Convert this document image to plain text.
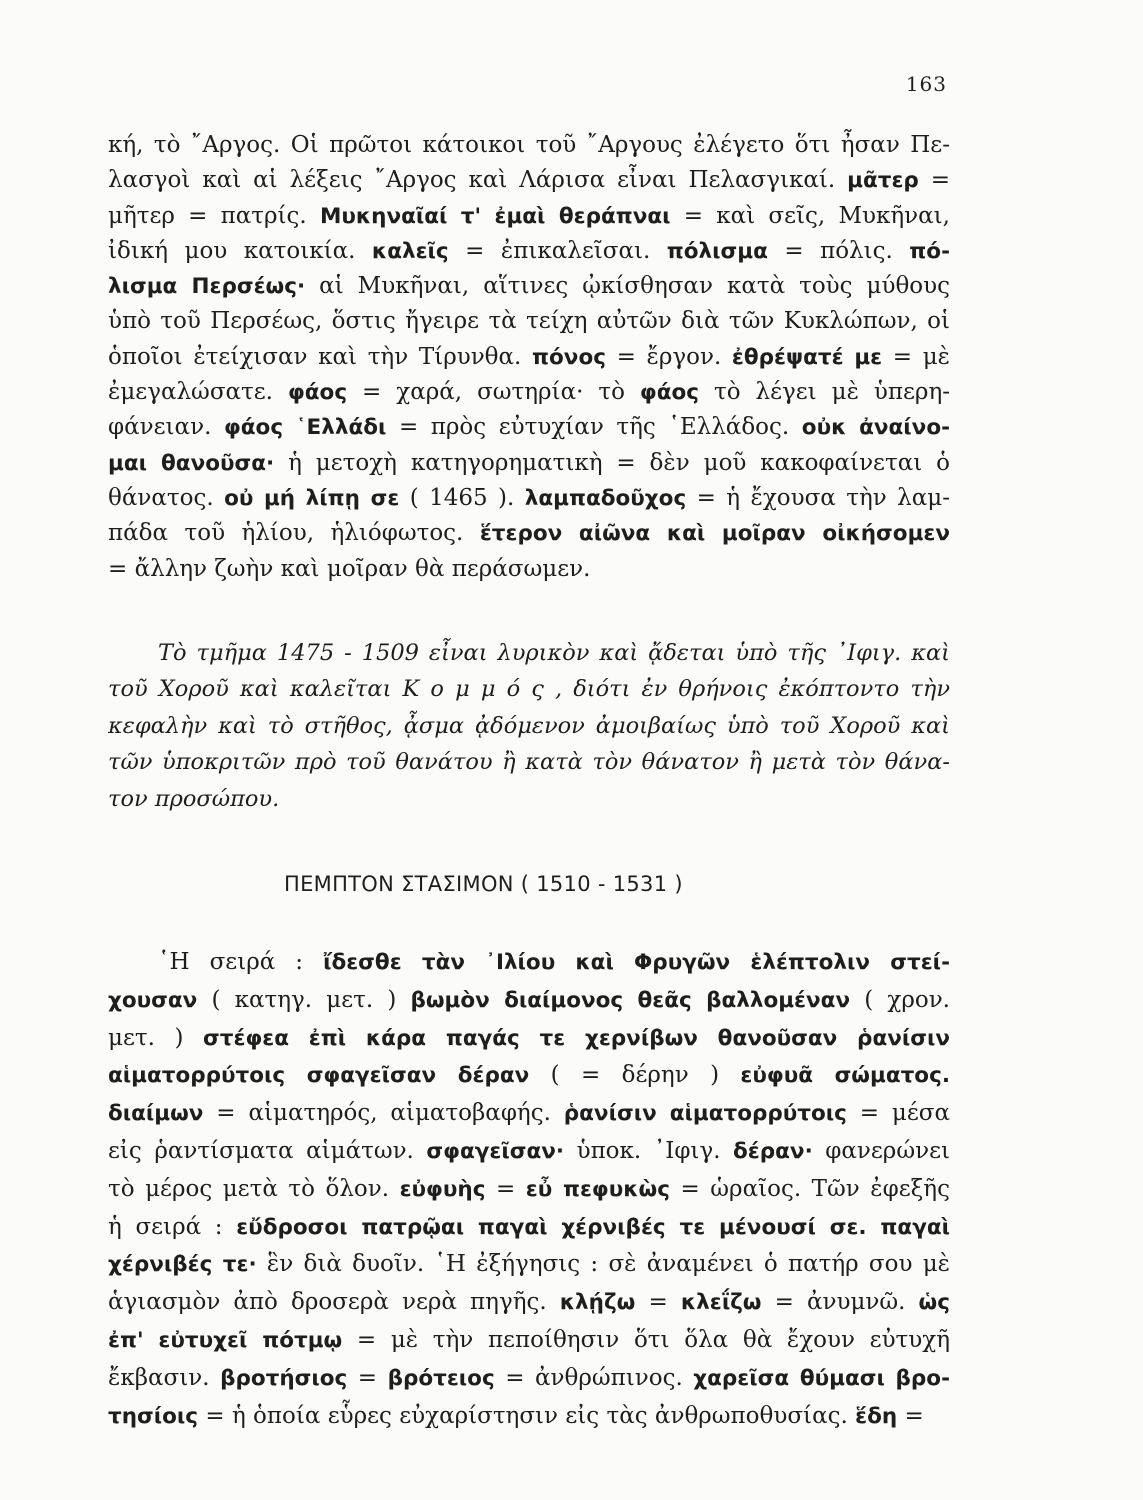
163

κή, τὸ ῎Αργος. Οἱ πρῶτοι κάτοικοι τοῦ ῎Αργους ἐλέγετο ὅτι ἦσαν Πε-
λασγοὶ καὶ αἱ λέξεις ῎Αργος καὶ Λάρισα εἶναι Πελασγικαί. μᾶτερ =
μῆτερ = πατρίς. Μυκηναῖαί τ' ἐμαὶ θεράπναι = καὶ σεῖς, Μυκῆναι,
ἰδική μου κατοικία. καλεῖς = ἐπικαλεῖσαι. πόλισμα = πόλις. πό-
λισμα Περσέως· αἱ Μυκῆναι, αἵτινες ᾠκίσθησαν κατὰ τοὺς μύθους
ὑπὸ τοῦ Περσέως, ὅστις ἤγειρε τὰ τείχη αὐτῶν διὰ τῶν Κυκλώπων, οἱ
ὁποῖοι ἐτείχισαν καὶ τὴν Τίρυνθα. πόνος = ἔργον. ἐθρέψατέ με = μὲ
ἐμεγαλώσατε. φάος = χαρά, σωτηρία· τὸ φάος τὸ λέγει μὲ ὑπερη-
φάνειαν. φάος ῾Ελλάδι = πρὸς εὐτυχίαν τῆς ῾Ελλάδος. οὐκ ἀναίνο-
μαι θανοῦσα· ἡ μετοχὴ κατηγορηματικὴ = δὲν μοῦ κακοφαίνεται ὁ
θάνατος. οὐ μή λίπῃ σε ( 1465 ). λαμπαδοῦχος = ἡ ἔχουσα τὴν λαμ-
πάδα τοῦ ἡλίου, ἡλιόφωτος. ἕτερον αἰῶνα καὶ μοῖραν οἰκήσομεν
= ἄλλην ζωὴν καὶ μοῖραν θὰ περάσωμεν.

Τὸ τμῆμα 1475 - 1509 εἶναι λυρικὸν καὶ ᾄδεται ὑπὸ τῆς ᾿Ιφιγ. καὶ
τοῦ Χοροῦ καὶ καλεῖται Κ ο μ μ ό ς , διότι ἐν θρήνοις ἐκόπτοντο τὴν
κεφαλὴν καὶ τὸ στῆθος, ᾆσμα ᾀδόμενον ἀμοιβαίως ὑπὸ τοῦ Χοροῦ καὶ
τῶν ὑποκριτῶν πρὸ τοῦ θανάτου ἢ κατὰ τὸν θάνατον ἢ μετὰ τὸν θάνα-
τον προσώπου.

ΠΕΜΠΤΟΝ ΣΤΑΣΙΜΟΝ ( 1510 - 1531 )

῾Η σειρά : ἴδεσθε τὰν ᾿Ιλίου καὶ Φρυγῶν ἑλέπτολιν στεί-
χουσαν ( κατηγ. μετ. ) βωμὸν διαίμονος θεᾶς βαλλομέναν ( χρον.
μετ. ) στέφεα ἐπὶ κάρα παγάς τε χερνίβων θανοῦσαν ῥανίσιν
αἱματορρύτοις σφαγεῖσαν δέραν ( = δέρην ) εὐφυᾶ σώματος.
διαίμων = αἱματηρός, αἱματοβαφής. ῥανίσιν αἱματορρύτοις = μέσα
εἰς ῥαντίσματα αἱμάτων. σφαγεῖσαν· ὑποκ. ᾿Ιφιγ. δέραν· φανερώνει
τὸ μέρος μετὰ τὸ ὅλον. εὐφυὴς = εὖ πεφυκὼς = ὡραῖος. Τῶν ἐφεξῆς
ἡ σειρά : εὔδροσοι πατρῷαι παγαὶ χέρνιβές τε μένουσί σε. παγαὶ
χέρνιβές τε· ἓν διὰ δυοῖν. ῾Η ἐξήγησις : σὲ ἀναμένει ὁ πατήρ σου μὲ
ἁγιασμὸν ἀπὸ δροσερὰ νερὰ πηγῆς. κλῄζω = κλεΐζω = ἀνυμνῶ. ὡς
ἐπ' εὐτυχεῖ πότμῳ = μὲ τὴν πεποίθησιν ὅτι ὅλα θὰ ἔχουν εὐτυχῆ
ἔκβασιν. βροτήσιος = βρότειος = ἀνθρώπινος. χαρεῖσα θύμασι βρο-
τησίοις = ἡ ὁποία εὗρες εὐχαρίστησιν εἰς τὰς ἀνθρωποθυσίας. ἕδη =
